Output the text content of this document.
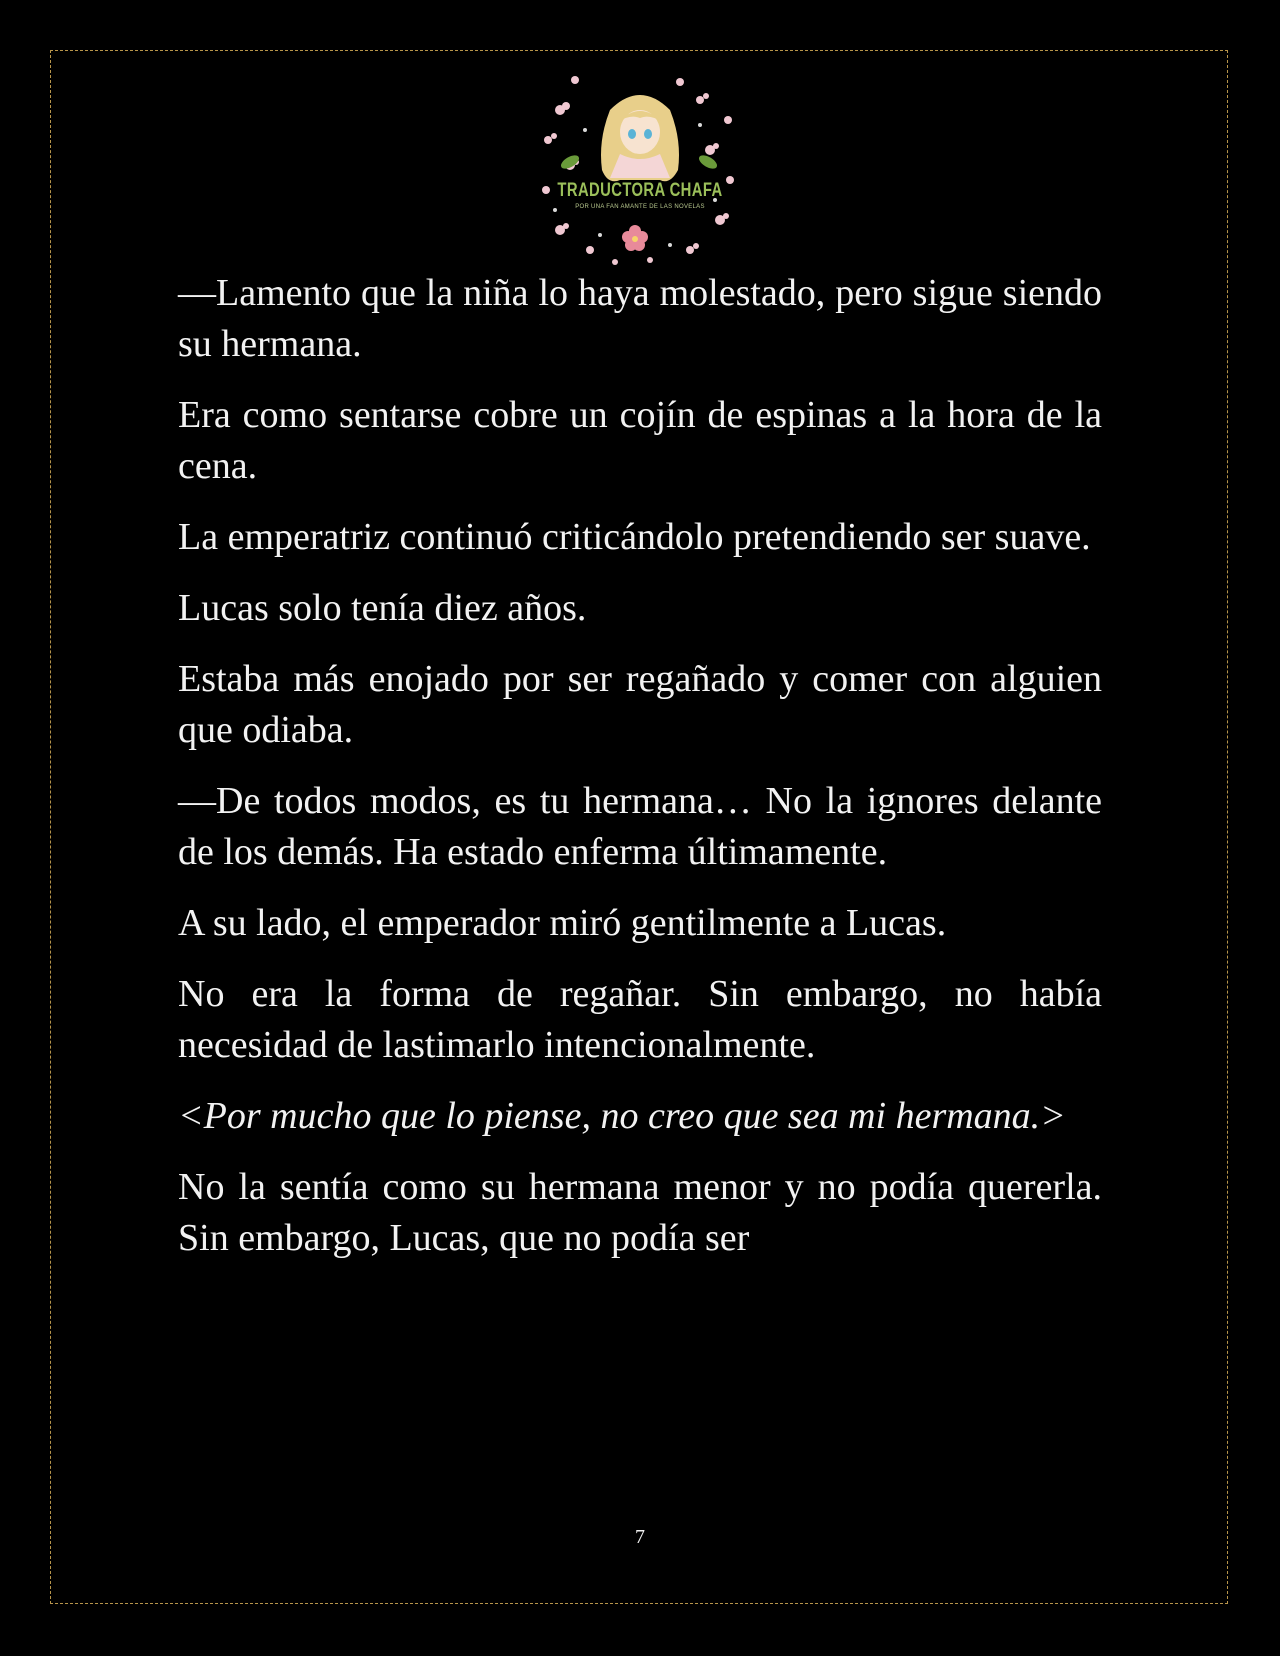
TRADUCTORA CHAFA
POR UNA FAN AMANTE DE LAS NOVELAS

—Lamento que la niña lo haya molestado, pero sigue siendo su hermana.

Era como sentarse cobre un cojín de espinas a la hora de la cena.

La emperatriz continuó criticándolo pretendiendo ser suave.

Lucas solo tenía diez años.

Estaba más enojado por ser regañado y comer con alguien que odiaba.

—De todos modos, es tu hermana… No la ignores delante de los demás. Ha estado enferma últimamente.

A su lado, el emperador miró gentilmente a Lucas.

No era la forma de regañar. Sin embargo, no había necesidad de lastimarlo intencionalmente.

<Por mucho que lo piense, no creo que sea mi hermana.>

No la sentía como su hermana menor y no podía quererla. Sin embargo, Lucas, que no podía ser

7
